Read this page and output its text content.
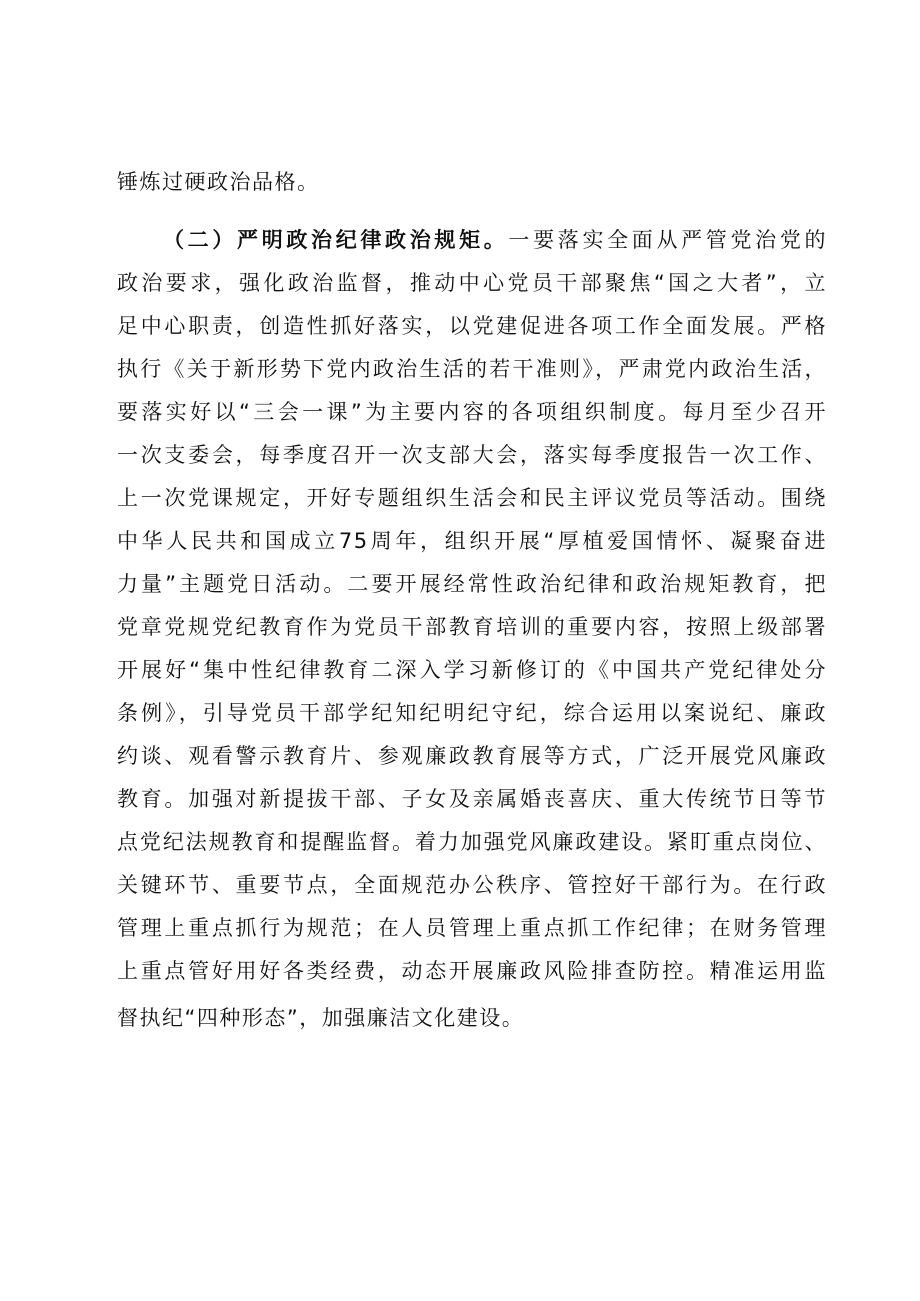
锤炼过硬政治品格。
（二）严明政治纪律政治规矩。一要落实全面从严管党治党的
政治要求，强化政治监督，推动中心党员干部聚焦“国之大者”，立
足中心职责，创造性抓好落实，以党建促进各项工作全面发展。严格
执行《关于新形势下党内政治生活的若干准则》，严肃党内政治生活，
要落实好以“三会一课”为主要内容的各项组织制度。每月至少召开
一次支委会，每季度召开一次支部大会，落实每季度报告一次工作、
上一次党课规定，开好专题组织生活会和民主评议党员等活动。围绕
中华人民共和国成立75周年，组织开展“厚植爱国情怀、凝聚奋进
力量”主题党日活动。二要开展经常性政治纪律和政治规矩教育，把
党章党规党纪教育作为党员干部教育培训的重要内容，按照上级部署
开展好“集中性纪律教育二深入学习新修订的《中国共产党纪律处分
条例》，引导党员干部学纪知纪明纪守纪，综合运用以案说纪、廉政
约谈、观看警示教育片、参观廉政教育展等方式，广泛开展党风廉政
教育。加强对新提拔干部、子女及亲属婚丧喜庆、重大传统节日等节
点党纪法规教育和提醒监督。着力加强党风廉政建设。紧盯重点岗位、
关键环节、重要节点，全面规范办公秩序、管控好干部行为。在行政
管理上重点抓行为规范；在人员管理上重点抓工作纪律；在财务管理
上重点管好用好各类经费，动态开展廉政风险排查防控。精准运用监
督执纪“四种形态”，加强廉洁文化建设。
